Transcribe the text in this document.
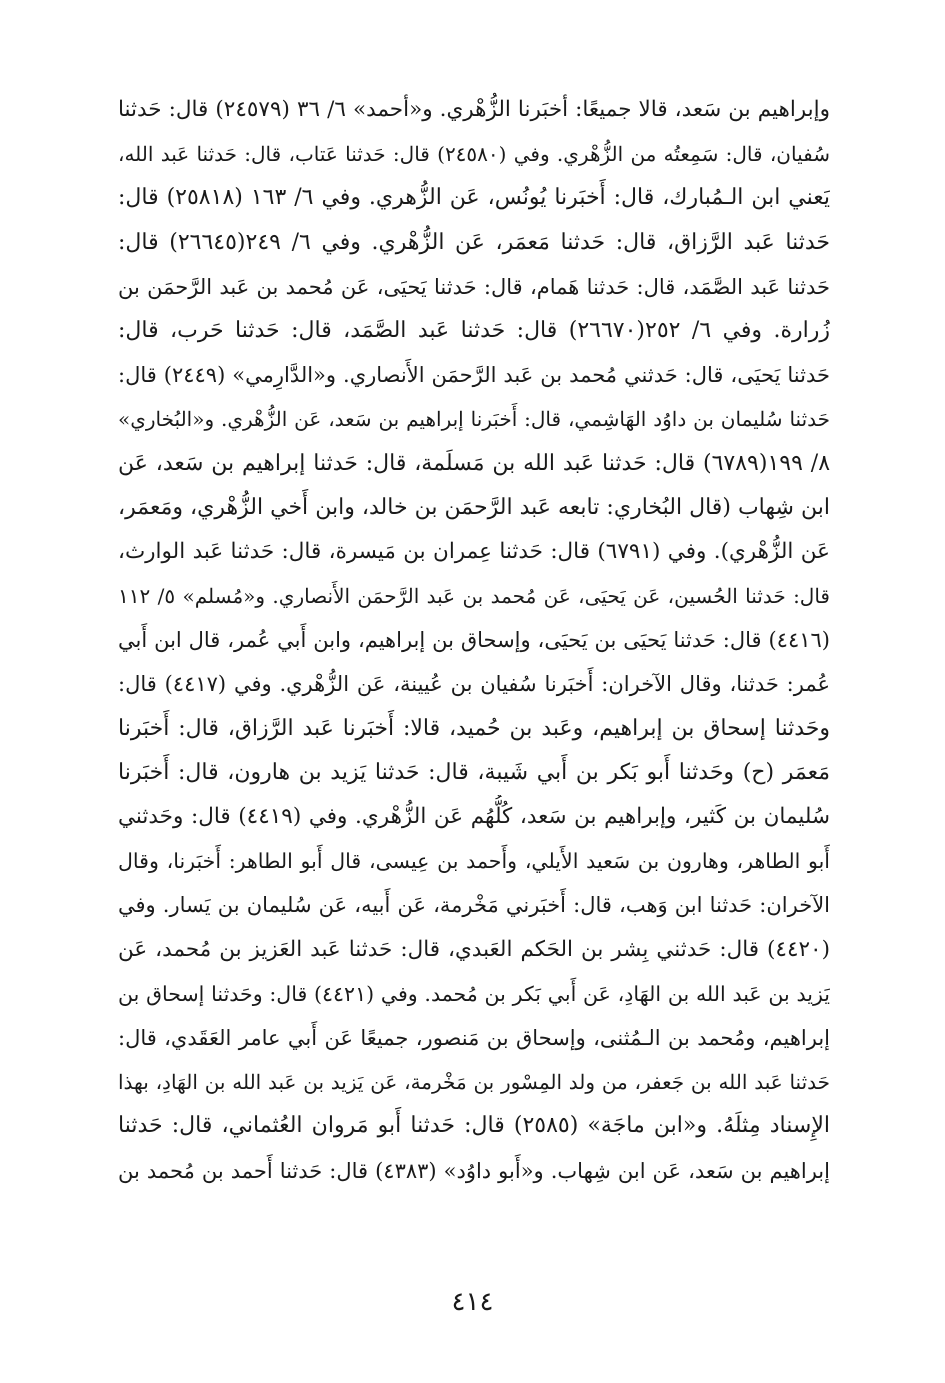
وإبراهيم بن سَعد، قالا جميعًا: أخبَرنا الزُّهْري. و«أحمد» ٦/ ٣٦ (٢٤٥٧٩) قال: حَدثنا
سُفيان، قال: سَمِعتُه من الزُّهْري. وفي (٢٤٥٨٠) قال: حَدثنا عَتاب، قال: حَدثنا عَبد الله،
يَعني ابن الـمُبارك، قال: أَخبَرنا يُونُس، عَن الزُّهري. وفي ٦/ ١٦٣ (٢٥٨١٨) قال:
حَدثنا عَبد الرَّزاق، قال: حَدثنا مَعمَر، عَن الزُّهْري. وفي ٦/ ٢٤٩(٢٦٦٤٥) قال:
حَدثنا عَبد الصَّمَد، قال: حَدثنا هَمام، قال: حَدثنا يَحيَى، عَن مُحمد بن عَبد الرَّحمَن بن
زُرارة. وفي ٦/ ٢٥٢(٢٦٦٧٠) قال: حَدثنا عَبد الصَّمَد، قال: حَدثنا حَرب، قال:
حَدثنا يَحيَى، قال: حَدثني مُحمد بن عَبد الرَّحمَن الأَنصاري. و«الدَّارِمي» (٢٤٤٩) قال:
حَدثنا سُليمان بن داوُد الهَاشِمي، قال: أَخبَرنا إبراهيم بن سَعد، عَن الزُّهْري. و«البُخاري»
٨/ ١٩٩(٦٧٨٩) قال: حَدثنا عَبد الله بن مَسلَمة، قال: حَدثنا إبراهيم بن سَعد، عَن
ابن شِهاب (قال البُخاري: تابعه عَبد الرَّحمَن بن خالد، وابن أَخي الزُّهْري، ومَعمَر،
عَن الزُّهْري). وفي (٦٧٩١) قال: حَدثنا عِمران بن مَيسرة، قال: حَدثنا عَبد الوارث،
قال: حَدثنا الحُسين، عَن يَحيَى، عَن مُحمد بن عَبد الرَّحمَن الأَنصاري. و«مُسلم» ٥/ ١١٢
(٤٤١٦) قال: حَدثنا يَحيَى بن يَحيَى، وإسحاق بن إبراهيم، وابن أَبي عُمر، قال ابن أَبي
عُمر: حَدثنا، وقال الآخران: أَخبَرنا سُفيان بن عُيينة، عَن الزُّهْري. وفي (٤٤١٧) قال:
وحَدثنا إسحاق بن إبراهيم، وعَبد بن حُميد، قالا: أَخبَرنا عَبد الرَّزاق، قال: أَخبَرنا
مَعمَر (ح) وحَدثنا أَبو بَكر بن أَبي شَيبة، قال: حَدثنا يَزيد بن هارون، قال: أَخبَرنا
سُليمان بن كَثير، وإبراهيم بن سَعد، كُلُّهُم عَن الزُّهْري. وفي (٤٤١٩) قال: وحَدثني
أَبو الطاهر، وهارون بن سَعيد الأَيلي، وأَحمد بن عِيسى، قال أَبو الطاهر: أَخبَرنا، وقال
الآخران: حَدثنا ابن وَهب، قال: أَخبَرني مَخْرمة، عَن أَبيه، عَن سُليمان بن يَسار. وفي
(٤٤٢٠) قال: حَدثني بِشر بن الحَكم العَبدي، قال: حَدثنا عَبد العَزيز بن مُحمد، عَن
يَزيد بن عَبد الله بن الهَادِ، عَن أَبي بَكر بن مُحمد. وفي (٤٤٢١) قال: وحَدثنا إسحاق بن
إبراهيم، ومُحمد بن الـمُثنى، وإسحاق بن مَنصور، جميعًا عَن أَبي عامر العَقَدي، قال:
حَدثنا عَبد الله بن جَعفر، من ولد المِسْور بن مَخْرمة، عَن يَزيد بن عَبد الله بن الهَادِ، بهذا
الإِسناد مِثلَهُ. و«ابن ماجَة» (٢٥٨٥) قال: حَدثنا أَبو مَروان العُثماني، قال: حَدثنا
إبراهيم بن سَعد، عَن ابن شِهاب. و«أَبو داوُد» (٤٣٨٣) قال: حَدثنا أَحمد بن مُحمد بن
٤١٤
